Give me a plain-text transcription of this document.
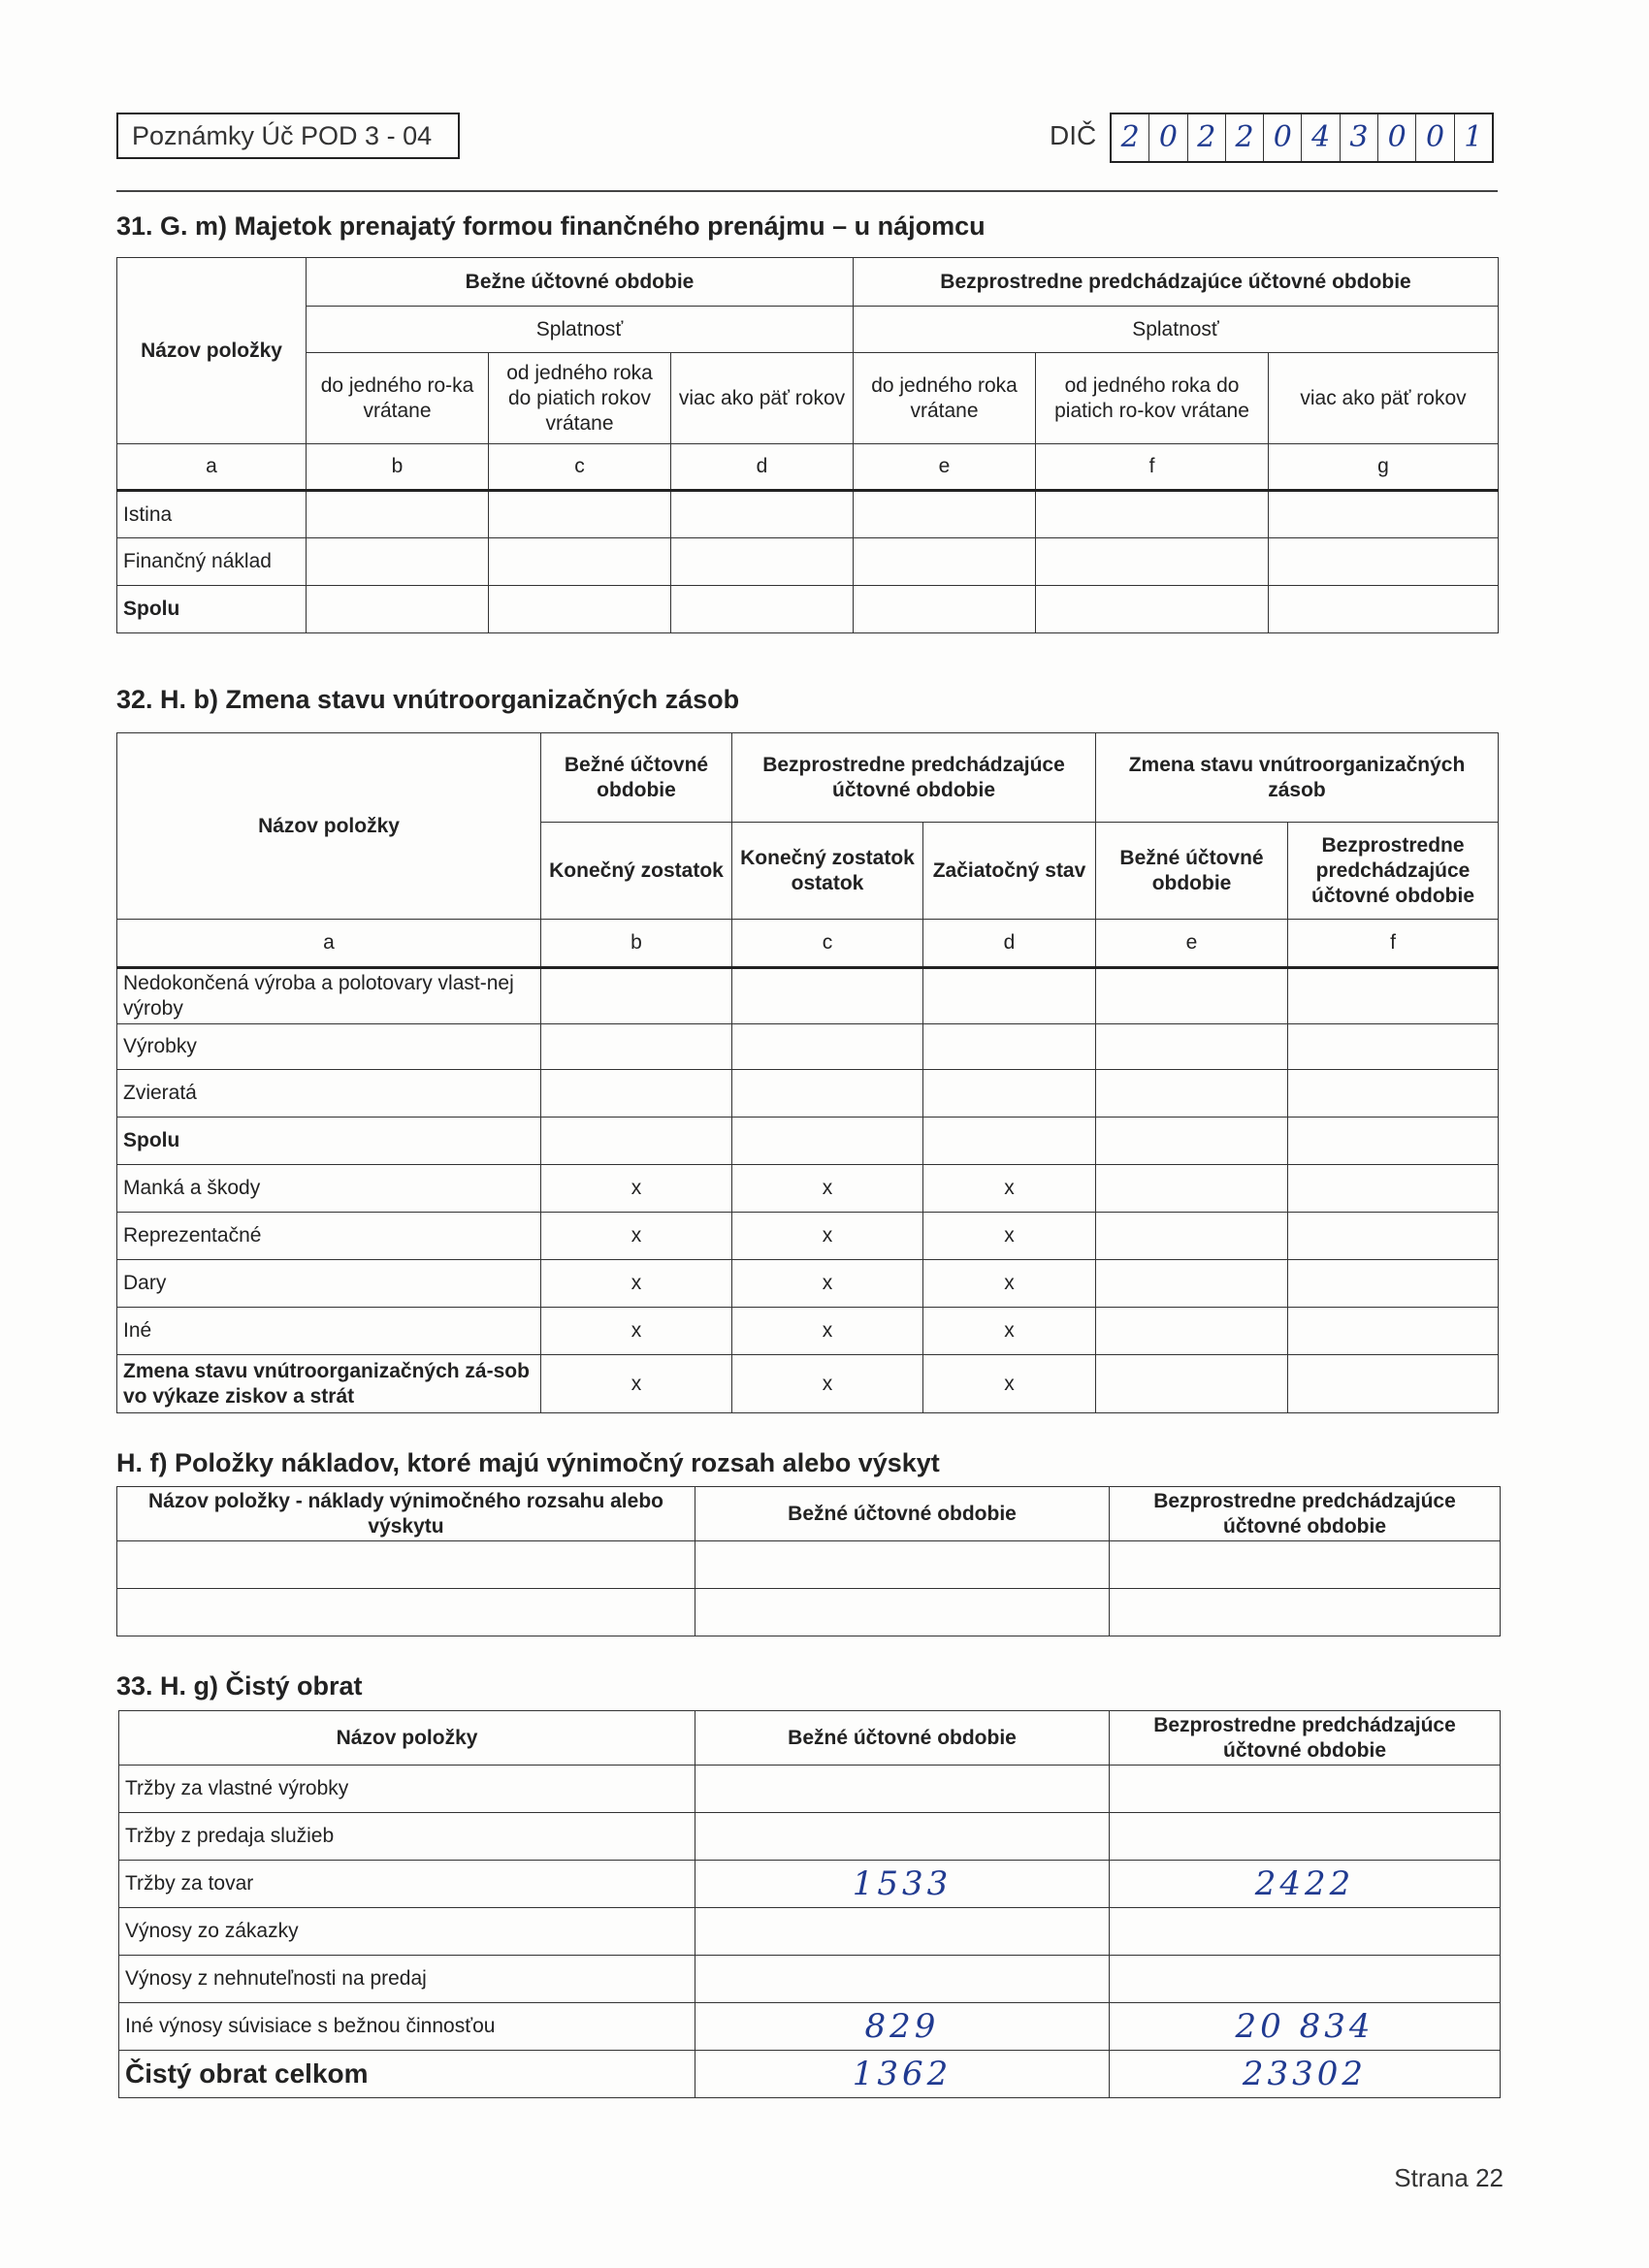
Poznámky Úč POD 3 - 04	DIČ 2 0 2 2 0 4 3 0 0 1
31. G. m) Majetok prenajatý formou finančného prenájmu – u nájomcu
Názov položky	Bežne účtovné obdobie			Bezprostredne predchádzajúce účtovné obdobie		
	Splatnosť			Splatnosť		
	do jedného ro-ka vrátane	od jedného roka do piatich rokov vrátane	viac ako päť rokov	do jedného roka vrátane	od jedného roka do piatich ro-kov vrátane	viac ako päť rokov
a	b	c	d	e	f	g
Istina						
Finančný náklad						
Spolu						
32. H. b) Zmena stavu vnútroorganizačných zásob
Názov položky	Bežné účtovné obdobie	Bezprostredne predchádzajúce účtovné obdobie		Zmena stavu vnútroorganizačných zásob	
	Konečný zostatok	Konečný zostatok ostatok	Začiatočný stav	Bežné účtovné obdobie	Bezprostredne predchádzajúce účtovné obdobie
a	b	c	d	e	f
Nedokončená výroba a polotovary vlast-nej výroby					
Výrobky					
Zvieratá					
Spolu					
Manká a škody	x	x	x		
Reprezentačné	x	x	x		
Dary	x	x	x		
Iné	x	x	x		
Zmena stavu vnútroorganizačných zá-sob vo výkaze ziskov a strát	x	x	x		
H. f) Položky nákladov, ktoré majú výnimočný rozsah alebo výskyt
Názov položky - náklady výnimočného rozsahu alebo výskytu	Bežné účtovné obdobie	Bezprostredne predchádzajúce účtovné obdobie

33. H. g) Čistý obrat
Názov položky	Bežné účtovné obdobie	Bezprostredne predchádzajúce účtovné obdobie
Tržby za vlastné výrobky		
Tržby z predaja služieb		
Tržby za tovar	1533	2422
Výnosy zo zákazky		
Výnosy z nehnuteľnosti na predaj		
Iné výnosy súvisiace s bežnou činnosťou	829	20 834
Čistý obrat celkom	1362	23302
Strana 22
